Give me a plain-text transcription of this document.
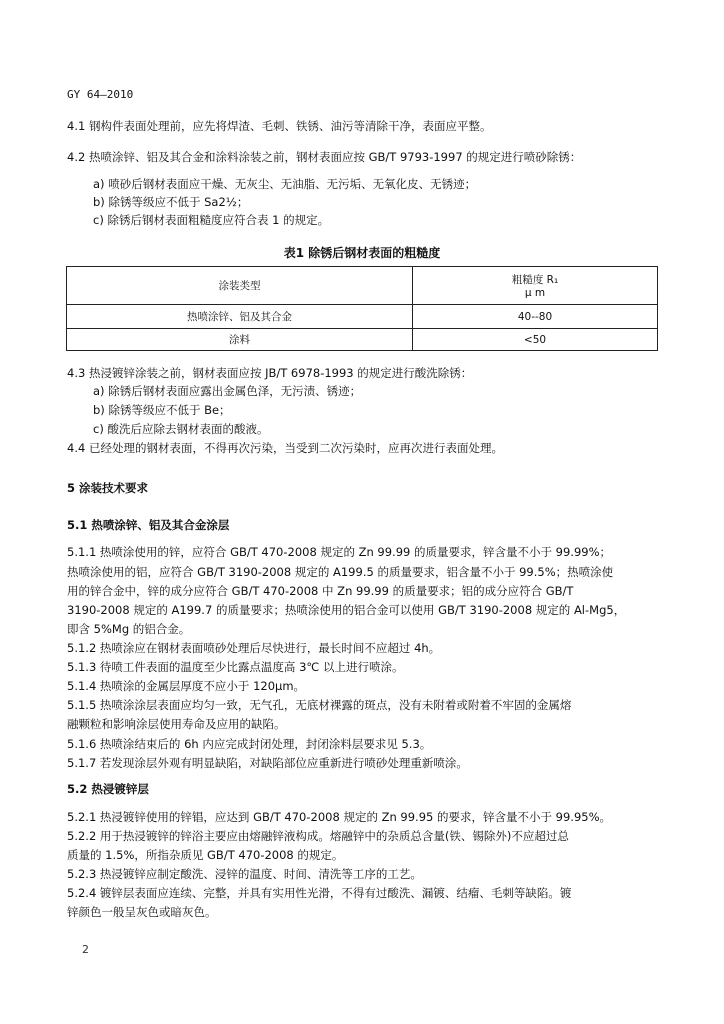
GY 64—2010
4.1 钢构件表面处理前，应先将焊渣、毛刺、铁锈、油污等清除干净，表面应平整。
4.2 热喷涂锌、铝及其合金和涂料涂装之前，钢材表面应按 GB/T 9793-1997 的规定进行喷砂除锈：
a) 喷砂后钢材表面应干燥、无灰尘、无油脂、无污垢、无氧化皮、无锈迹；
b) 除锈等级应不低于 Sa2½；
c) 除锈后钢材表面粗糙度应符合表 1 的规定。
表1 除锈后钢材表面的粗糙度
涂装类型	粗糙度 R₁
μ m

热喷涂锌、铝及其合金	40--80
涂料	<50
4.3 热浸镀锌涂装之前，钢材表面应按 JB/T 6978-1993 的规定进行酸洗除锈：
a) 除锈后钢材表面应露出金属色泽，无污渍、锈迹；
b) 除锈等级应不低于 Be；
c) 酸洗后应除去钢材表面的酸液。
4.4 已经处理的钢材表面，不得再次污染，当受到二次污染时，应再次进行表面处理。
5 涂装技术要求
5.1 热喷涂锌、铝及其合金涂层
5.1.1 热喷涂使用的锌，应符合 GB/T 470-2008 规定的 Zn 99.99 的质量要求，锌含量不小于 99.99%；
热喷涂使用的铝，应符合 GB/T 3190-2008 规定的 A199.5 的质量要求，铝含量不小于 99.5%；热喷涂使
用的锌合金中，锌的成分应符合 GB/T 470-2008 中 Zn 99.99 的质量要求；铝的成分应符合 GB/T
3190-2008 规定的 A199.7 的质量要求；热喷涂使用的铝合金可以使用 GB/T 3190-2008 规定的 Al-Mg5，
即含 5%Mg 的铝合金。
5.1.2 热喷涂应在钢材表面喷砂处理后尽快进行，最长时间不应超过 4h。
5.1.3 待喷工件表面的温度至少比露点温度高 3℃ 以上进行喷涂。
5.1.4 热喷涂的金属层厚度不应小于 120μm。
5.1.5 热喷涂涂层表面应均匀一致，无气孔，无底材裸露的斑点，没有未附着或附着不牢固的金属熔
融颗粒和影响涂层使用寿命及应用的缺陷。
5.1.6 热喷涂结束后的 6h 内应完成封闭处理，封闭涂料层要求见 5.3。
5.1.7 若发现涂层外观有明显缺陷，对缺陷部位应重新进行喷砂处理重新喷涂。
5.2 热浸镀锌层
5.2.1 热浸镀锌使用的锌锠，应达到 GB/T 470-2008 规定的 Zn 99.95 的要求，锌含量不小于 99.95%。
5.2.2 用于热浸镀锌的锌浴主要应由熔融锌液构成。熔融锌中的杂质总含量(铁、锡除外)不应超过总
质量的 1.5%，所指杂质见 GB/T 470-2008 的规定。
5.2.3 热浸镀锌应制定酸洗、浸锌的温度、时间、清洗等工序的工艺。
5.2.4 镀锌层表面应连续、完整，并具有实用性光滑，不得有过酸洗、漏镀、结瘤、毛刺等缺陷。镀
锌颜色一般呈灰色或暗灰色。
2
